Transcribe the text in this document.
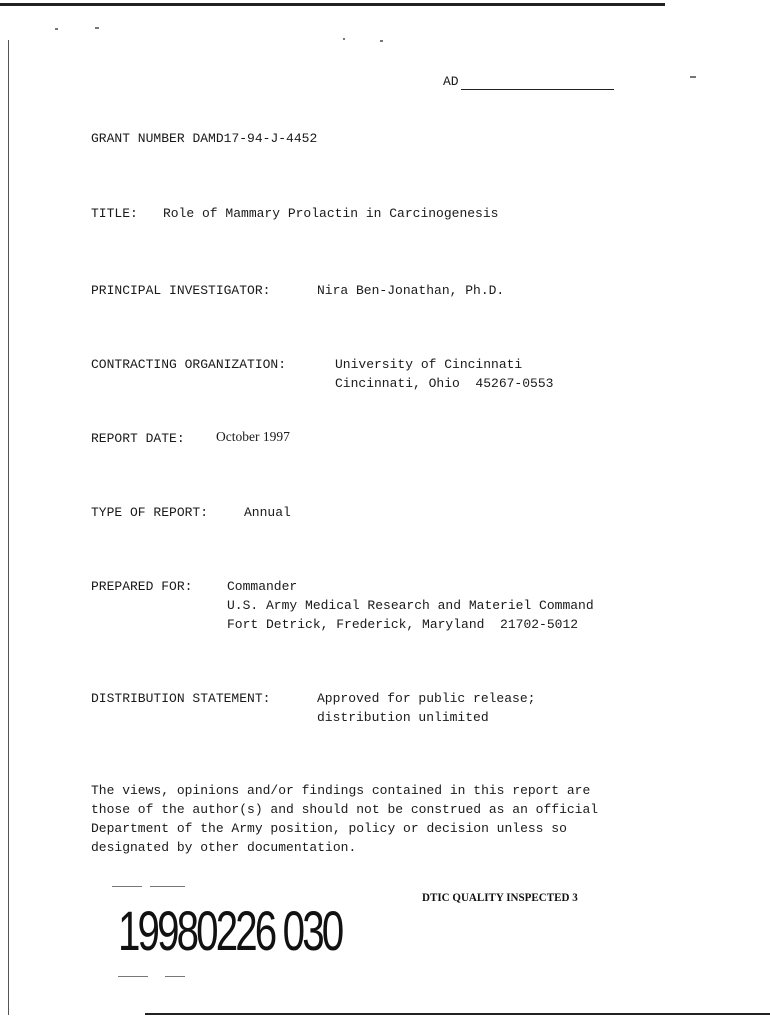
AD
GRANT NUMBER DAMD17-94-J-4452
TITLE: Role of Mammary Prolactin in Carcinogenesis
PRINCIPAL INVESTIGATOR:	Nira Ben-Jonathan, Ph.D.
CONTRACTING ORGANIZATION:	University of Cincinnati
Cincinnati, Ohio  45267-0553
REPORT DATE: October 1997
TYPE OF REPORT:	Annual
PREPARED FOR:	Commander
U.S. Army Medical Research and Materiel Command
Fort Detrick, Frederick, Maryland  21702-5012
DISTRIBUTION STATEMENT:	Approved for public release;
distribution unlimited
The views, opinions and/or findings contained in this report are
those of the author(s) and should not be construed as an official
Department of the Army position, policy or decision unless so
designated by other documentation.
DTIC QUALITY INSPECTED 3
19980226 030
